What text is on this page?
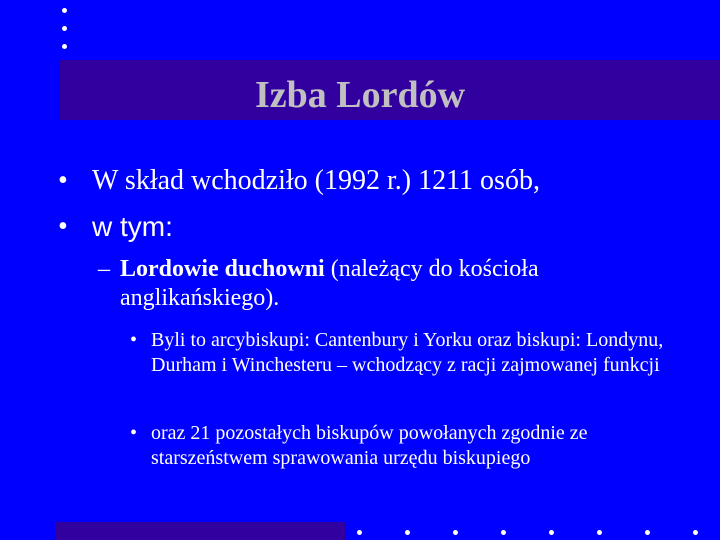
Izba Lordów
• W skład wchodziło (1992 r.) 1211 osób,
• w tym:
– Lordowie duchowni (należący do kościoła anglikańskiego).
• Byli to arcybiskupi: Cantenbury i Yorku oraz biskupi: Londynu, Durham i Winchesteru – wchodzący z racji zajmowanej funkcji
• oraz 21 pozostałych biskupów powołanych zgodnie ze starszeństwem sprawowania urzędu biskupiego
